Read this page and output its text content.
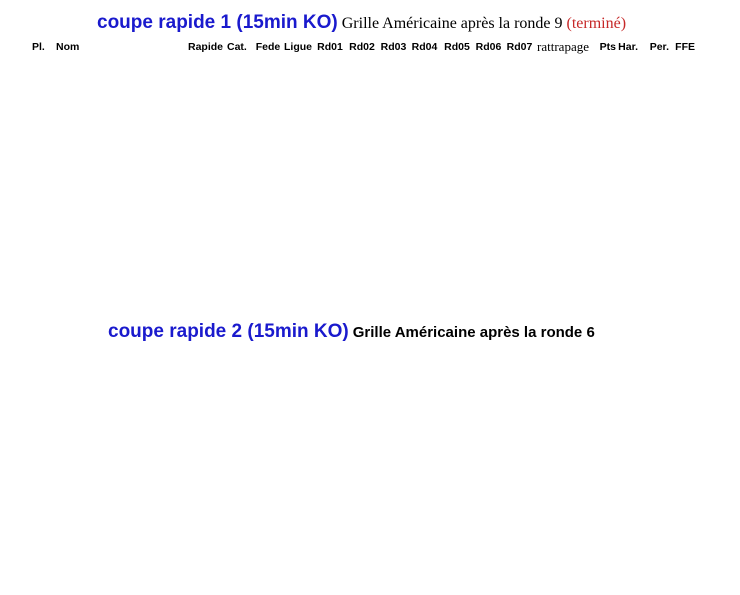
coupe rapide 1 (15min KO) Grille Américaine après la ronde 9 (terminé)
Pl.	Nom	Rapide Cat. Fede Ligue Rd01 Rd02 Rd03 Rd04 Rd05 Rd06 Rd07 rattrapage	Pts Har.	Per. FFE
coupe rapide 2 (15min KO) Grille Américaine après la ronde 6
